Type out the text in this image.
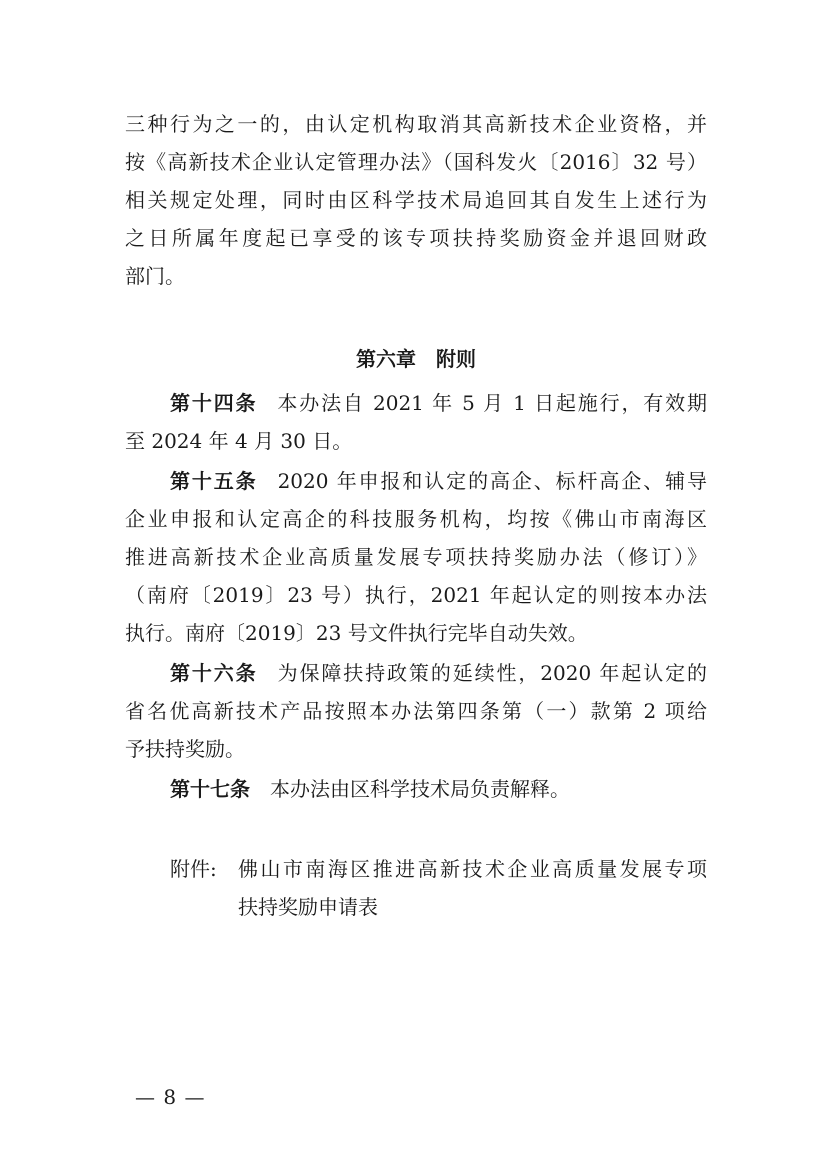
三种行为之一的，由认定机构取消其高新技术企业资格，并
按《高新技术企业认定管理办法》（国科发火〔2016〕32 号）
相关规定处理，同时由区科学技术局追回其自发生上述行为
之日所属年度起已享受的该专项扶持奖励资金并退回财政
部门。
第六章 附则
第十四条 本办法自 2021 年 5 月 1 日起施行，有效期
至 2024 年 4 月 30 日。
第十五条 2020 年申报和认定的高企、标杆高企、辅导
企业申报和认定高企的科技服务机构，均按《佛山市南海区
推进高新技术企业高质量发展专项扶持奖励办法（修订）》
（南府〔2019〕23 号）执行，2021 年起认定的则按本办法
执行。南府〔2019〕23 号文件执行完毕自动失效。
第十六条 为保障扶持政策的延续性，2020 年起认定的
省名优高新技术产品按照本办法第四条第（一）款第 2 项给
予扶持奖励。
第十七条 本办法由区科学技术局负责解释。
附件: 佛山市南海区推进高新技术企业高质量发展专项
扶持奖励申请表
— 8 —
